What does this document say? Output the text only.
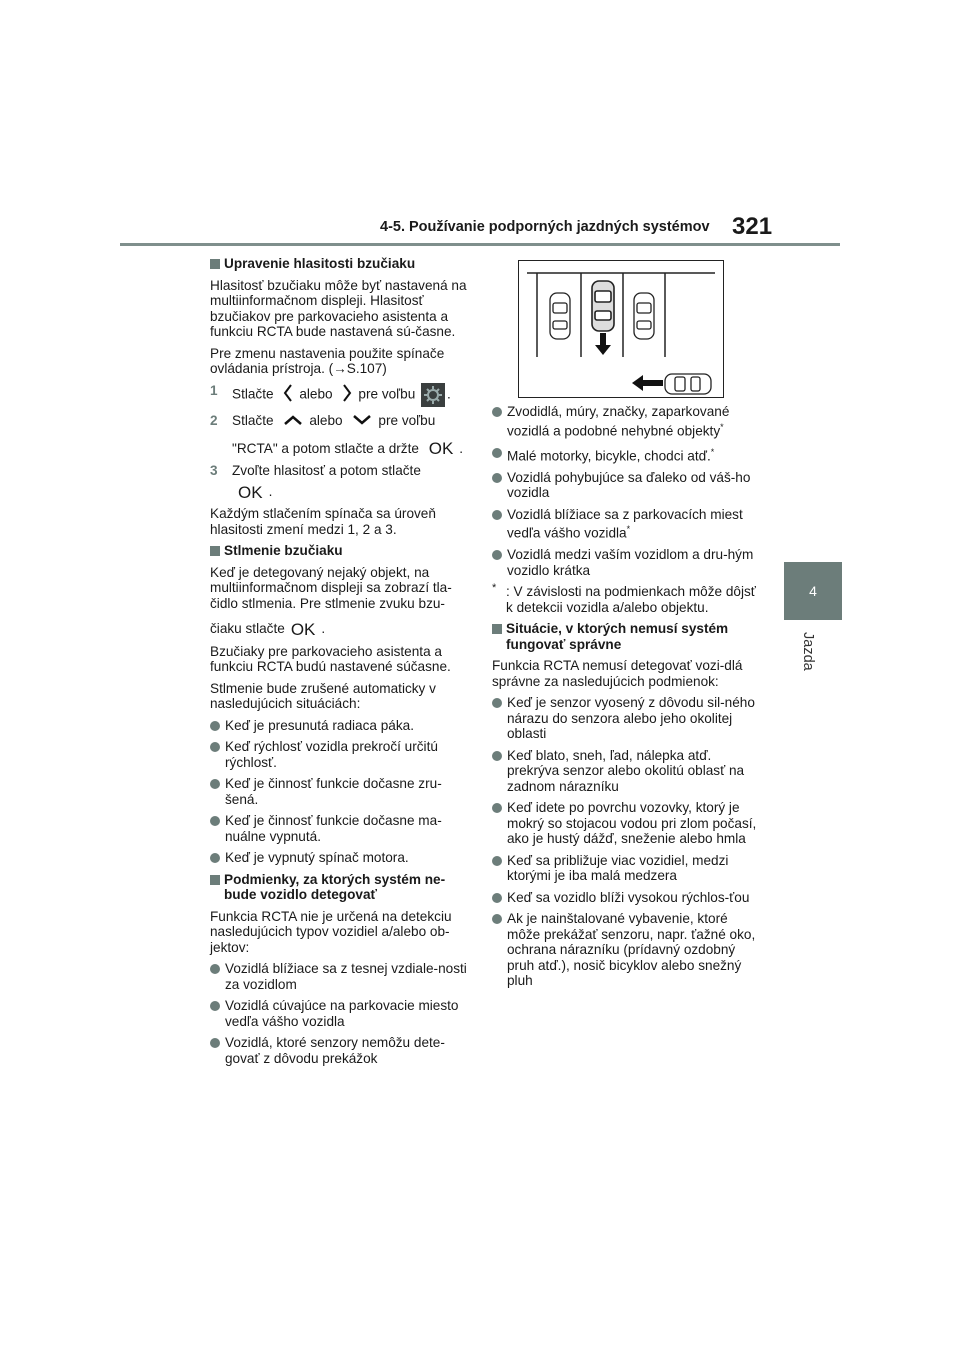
4-5. Používanie podporných jazdných systémov 321
4
Jazda

Upravenie hlasitosti bzučiaku

Hlasitosť bzučiaku môže byť nastavená na multiinformačnom displeji. Hlasitosť bzučiakov pre parkovacieho asistenta a funkciu RCTA bude nastavená sú-časne.

Pre zmenu nastavenia použite spínače ovládania prístroja. (→S.107)

1 Stlačte alebo pre voľbu .
2 Stlačte	alebo	pre voľbu
"RCTA" a potom stlačte a držte OK .
3 Zvoľte hlasitosť a potom stlačte
OK .

Každým stlačením spínača sa úroveň hlasitosti zmení medzi 1, 2 a 3.

Stlmenie bzučiaku

Keď je detegovaný nejaký objekt, na multiinformačnom displeji sa zobrazí tla-čidlo stlmenia. Pre stlmenie zvuku bzu-

čiaku stlačte OK .

Bzučiaky pre parkovacieho asistenta a funkciu RCTA budú nastavené súčasne.

Stlmenie bude zrušené automaticky v nasledujúcich situáciách:

Keď je presunutá radiaca páka.

Keď rýchlosť vozidla prekročí určitú rýchlosť.

Keď je činnosť funkcie dočasne zru-šená.

Keď je činnosť funkcie dočasne ma-nuálne vypnutá.

Keď je vypnutý spínač motora.

Podmienky, za ktorých systém ne-bude vozidlo detegovať

Funkcia RCTA nie je určená na detekciu nasledujúcich typov vozidiel a/alebo ob-jektov:

Vozidlá blížiace sa z tesnej vzdiale-nosti za vozidlom

Vozidlá cúvajúce na parkovacie miesto vedľa vášho vozidla

Vozidlá, ktoré senzory nemôžu dete-govať z dôvodu prekážok

Zvodidlá, múry, značky, zaparkované vozidlá a podobné nehybné objekty*

Malé motorky, bicykle, chodci atď.*

Vozidlá pohybujúce sa ďaleko od váš-ho vozidla

Vozidlá blížiace sa z parkovacích miest vedľa vášho vozidla*

Vozidlá medzi vaším vozidlom a dru-hým vozidlo krátka

* : V závislosti na podmienkach môže dôjsť k detekcii vozidla a/alebo objektu.

Situácie, v ktorých nemusí systém fungovať správne

Funkcia RCTA nemusí detegovať vozi-dlá správne za nasledujúcich podmienok:

Keď je senzor vyosený z dôvodu sil-ného nárazu do senzora alebo jeho okolitej oblasti

Keď blato, sneh, ľad, nálepka atď. prekrýva senzor alebo okolitú oblasť na zadnom nárazníku

Keď idete po povrchu vozovky, ktorý je mokrý so stojacou vodou pri zlom počasí, ako je hustý dážď, sneženie alebo hmla

Keď sa približuje viac vozidiel, medzi ktorými je iba malá medzera

Keď sa vozidlo blíži vysokou rýchlos-ťou

Ak je nainštalované vybavenie, ktoré môže prekážať senzoru, napr. ťažné oko, ochrana nárazníku (prídavný ozdobný pruh atď.), nosič bicyklov alebo snežný pluh
